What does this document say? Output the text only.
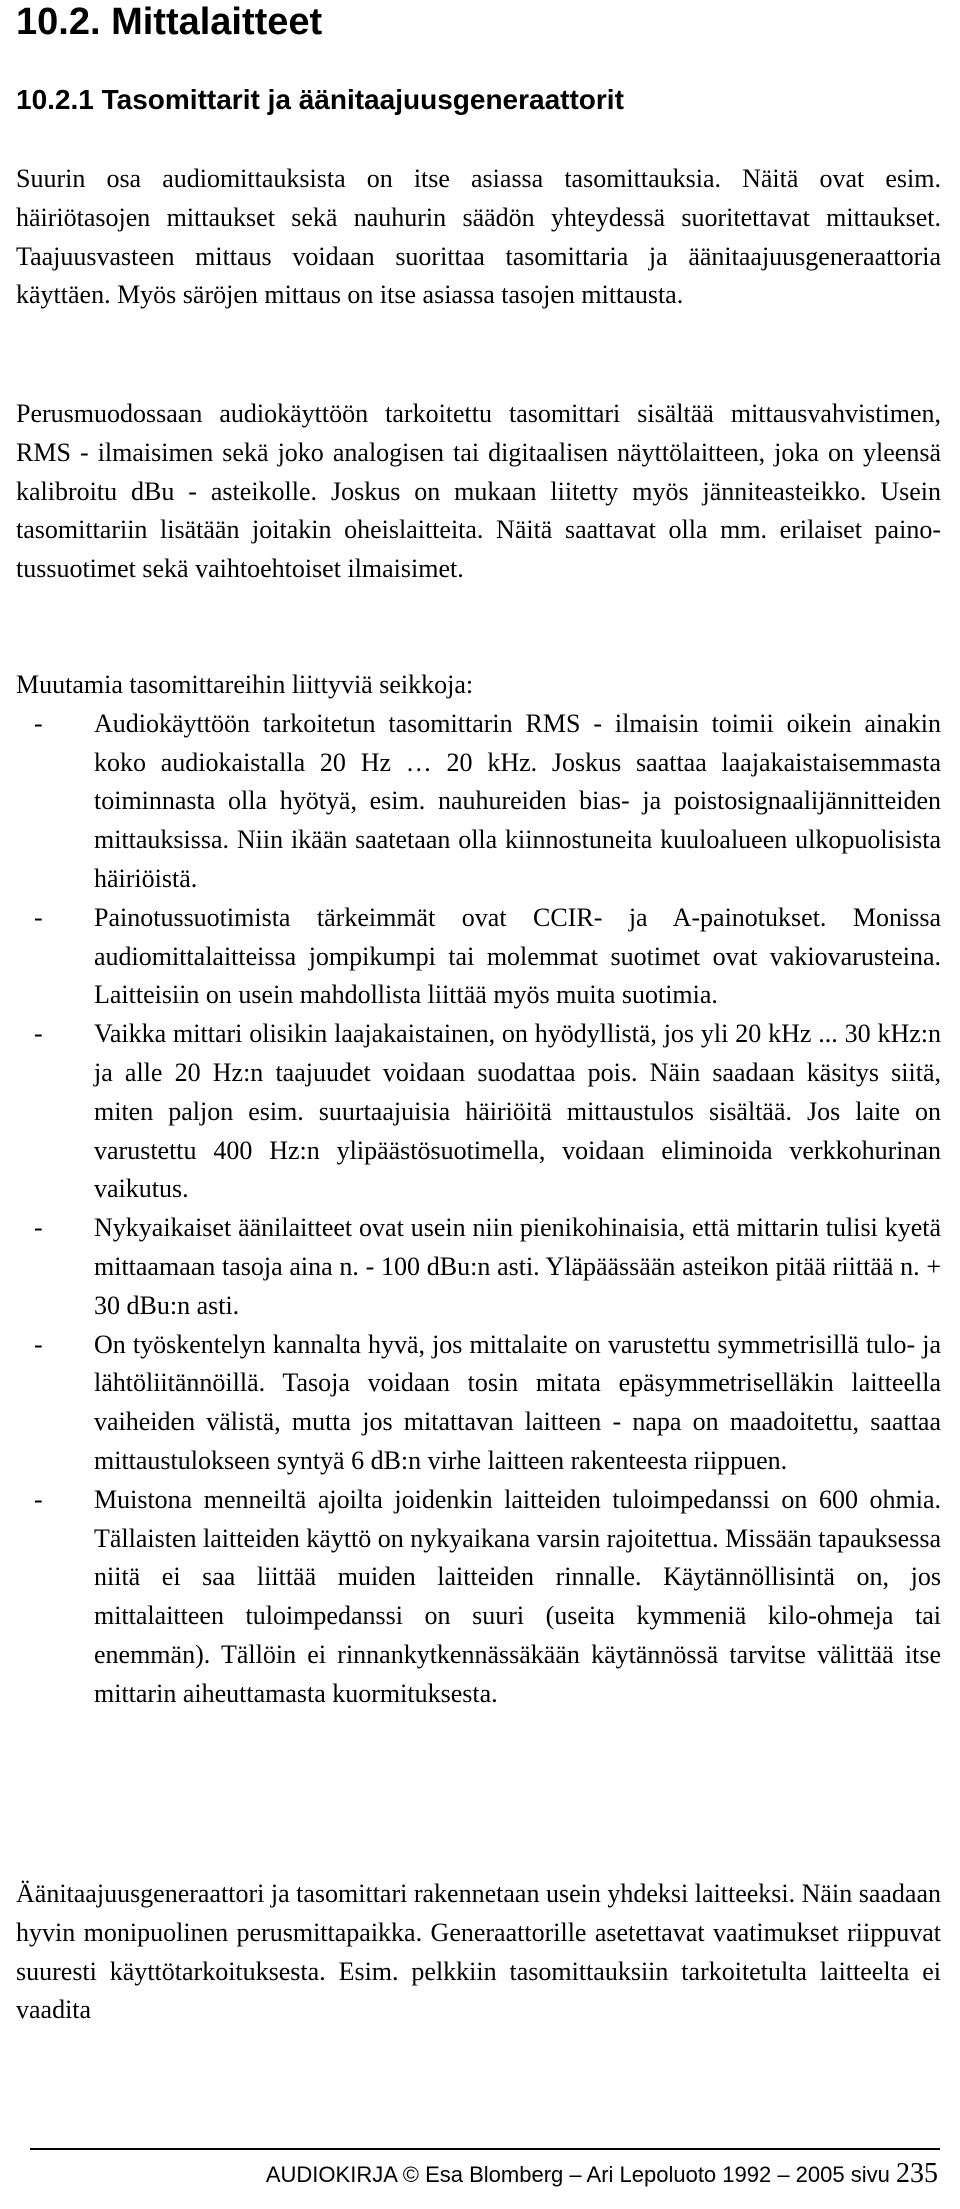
10.2. Mittalaitteet
10.2.1 Tasomittarit ja äänitaajuusgeneraattorit

Suurin osa audiomittauksista on itse asiassa tasomittauksia. Näitä ovat esim. häiriötasojen mittaukset sekä nauhurin säädön yhteydessä suoritettavat mittaukset. Taajuusvasteen mittaus voidaan suorittaa tasomittaria ja äänitaajuusgeneraattoria käyttäen. Myös säröjen mittaus on itse asiassa tasojen mittausta.

Perusmuodossaan audiokäyttöön tarkoitettu tasomittari sisältää mittausvahvistimen, RMS - ilmaisimen sekä joko analogisen tai digitaalisen näyttölaitteen, joka on yleensä kalibroitu dBu - asteikolle. Joskus on mukaan liitetty myös jänniteasteikko. Usein tasomittariin lisätään joitakin oheislaitteita. Näitä saattavat olla mm. erilaiset painotussuotimet sekä vaihtoehtoiset ilmaisimet.

Muutamia tasomittareihin liittyviä seikkoja:

- Audiokäyttöön tarkoitetun tasomittarin RMS - ilmaisin toimii oikein ainakin koko audiokaistalla 20 Hz … 20 kHz. Joskus saattaa laajakaistaisemmasta toiminnasta olla hyötyä, esim. nauhureiden bias- ja poistosignaalijännitteiden mittauksissa. Niin ikään saatetaan olla kiinnostuneita kuuloalueen ulkopuolisista häiriöistä.
- Painotussuotimista tärkeimmät ovat CCIR- ja A-painotukset. Monissa audiomittalaitteissa jompikumpi tai molemmat suotimet ovat vakiovarusteina. Laitteisiin on usein mahdollista liittää myös muita suotimia.
- Vaikka mittari olisikin laajakaistainen, on hyödyllistä, jos yli 20 kHz ... 30 kHz:n ja alle 20 Hz:n taajuudet voidaan suodattaa pois. Näin saadaan käsitys siitä, miten paljon esim. suurtaajuisia häiriöitä mittaustulos sisältää. Jos laite on varustettu 400 Hz:n ylipäästösuotimella, voidaan eliminoida verkkohurinan vaikutus.
- Nykyaikaiset äänilaitteet ovat usein niin pienikohinaisia, että mittarin tulisi kyetä mittaamaan tasoja aina n. - 100 dBu:n asti. Yläpäässään asteikon pitää riittää n. + 30 dBu:n asti.
- On työskentelyn kannalta hyvä, jos mittalaite on varustettu symmetrisillä tulo- ja lähtöliitännöillä. Tasoja voidaan tosin mitata epäsymmetriselläkin laitteella vaiheiden välistä, mutta jos mitattavan laitteen - napa on maadoitettu, saattaa mittaustulokseen syntyä 6 dB:n virhe laitteen rakenteesta riippuen.
- Muistona menneiltä ajoilta joidenkin laitteiden tuloimpedanssi on 600 ohmia. Tällaisten laitteiden käyttö on nykyaikana varsin rajoitettua. Missään tapauksessa niitä ei saa liittää muiden laitteiden rinnalle. Käytännöllisintä on, jos mittalaitteen tuloimpedanssi on suuri (useita kymmeniä kilo-ohmeja tai enemmän). Tällöin ei rinnankytkennässäkään käytännössä tarvitse välittää itse mittarin aiheuttamasta kuormituksesta.

Äänitaajuusgeneraattori ja tasomittari rakennetaan usein yhdeksi laitteeksi. Näin saadaan hyvin monipuolinen perusmittapaikka. Generaattorille asetettavat vaatimukset riippuvat suuresti käyttötarkoituksesta. Esim. pelkkiin tasomittauksiin tarkoitetulta laitteelta ei vaadita

AUDIOKIRJA © Esa Blomberg – Ari Lepoluoto 1992 – 2005 sivu 235
